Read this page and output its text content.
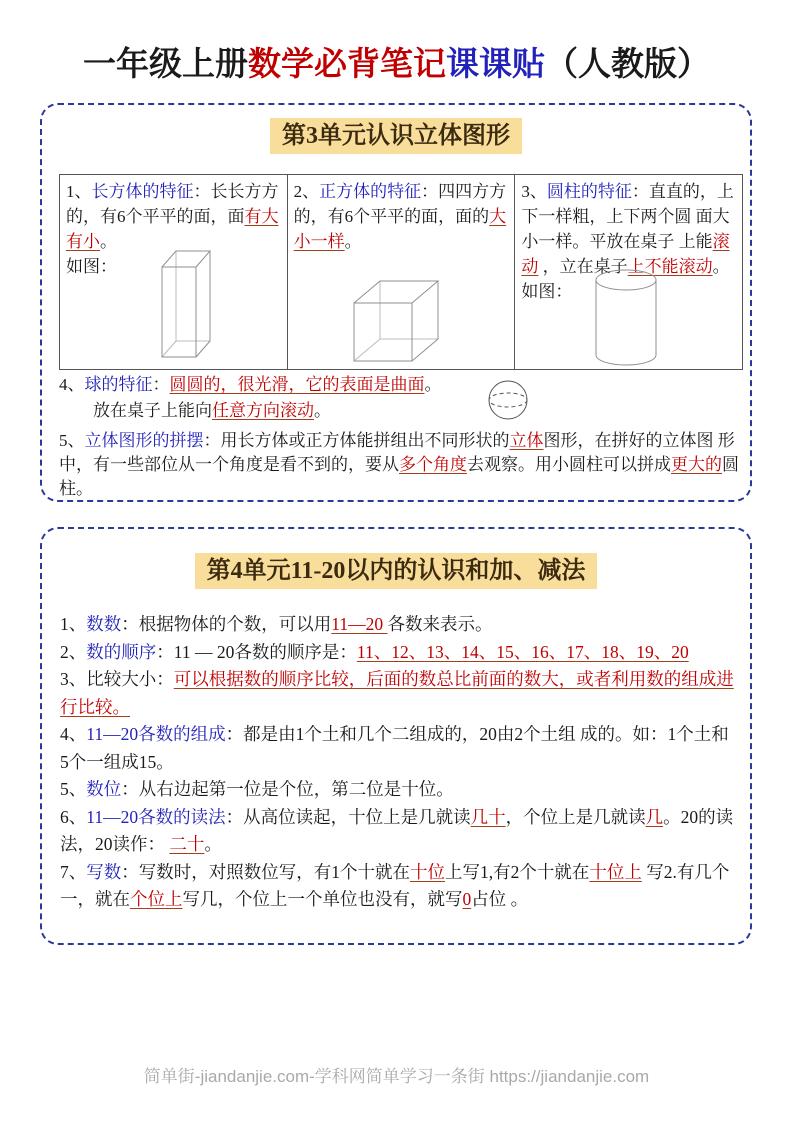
一年级上册数学必背笔记课课贴（人教版）
第3单元认识立体图形

1、长方体的特征：长长方方 的，有6个平平的面，面有大有小。

如图：

2、正方体的特征：四四方方的，有6个平平的面，面的大小一样。

3、圆柱的特征：直直的，上下一样粗，上下两个圆 面大小一样。平放在桌子 上能滚动 ，立在桌子上不能滚动。

如图：

4、球的特征：圆圆的，很光滑，它的表面是曲面。

放在桌子上能向任意方向滚动。

5、立体图形的拼摆：用长方体或正方体能拼组出不同形状的立体图形，在拼好的立体图 形中，有一些部位从一个角度是看不到的，要从多个角度去观察。用小圆柱可以拼成更大的圆 柱。

第4单元11-20以内的认识和加、减法

1、数数：根据物体的个数，可以用11—20 各数来表示。

2、数的顺序：11 — 20各数的顺序是：11、12、13、14、15、16、17、18、19、20

3、比较大小：可以根据数的顺序比较，后面的数总比前面的数大，或者利用数的组成进行比较。

4、11—20各数的组成：都是由1个土和几个二组成的，20由2个土组 成的。如：1个土和5个一组成15。

5、数位：从右边起第一位是个位，第二位是十位。

6、11—20各数的读法：从高位读起，十位上是几就读几十，个位上是几就读几。20的读法，20读作： 二十。

7、写数：写数时，对照数位写，有1个十就在十位上写1,有2个十就在十位上 写2.有几个一，就在个位上写几，个位上一个单位也没有，就写0占位 。

简单街-jiandanjie.com-学科网简单学习一条街 https://jiandanjie.com
